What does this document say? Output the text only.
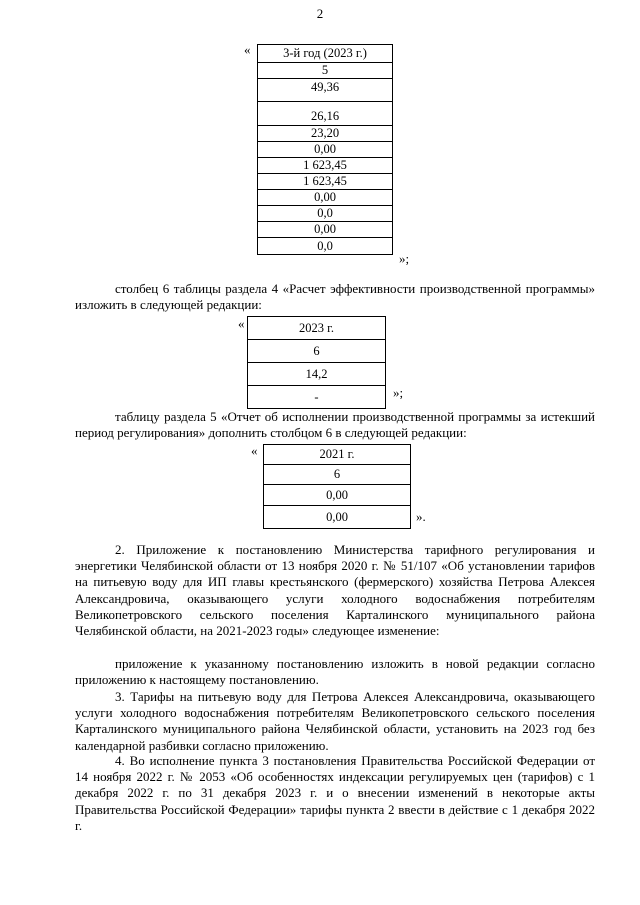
2
«	3-й год (2023 г.)
5
49,36
26,16
23,20
0,00
1 623,45
1 623,45
0,00
0,0
0,00
0,0
»;

столбец 6 таблицы раздела 4 «Расчет эффективности производственной программы» изложить в следующей редакции:

«	2023 г.
6
14,2
-	»;

таблицу раздела 5 «Отчет об исполнении производственной программы за истекший период регулирования» дополнить столбцом 6 в следующей редакции:

«	2021 г.
6
0,00
0,00	».

2. Приложение к постановлению Министерства тарифного регулирования и энергетики Челябинской области от 13 ноября 2020 г. № 51/107 «Об установлении тарифов на питьевую воду для ИП главы крестьянского (фермерского) хозяйства Петрова Алексея Александровича, оказывающего услуги холодного водоснабжения потребителям Великопетровского сельского поселения Карталинского муниципального района Челябинской области, на 2021-2023 годы» следующее изменение:

приложение к указанному постановлению изложить в новой редакции согласно приложению к настоящему постановлению.

3. Тарифы на питьевую воду для Петрова Алексея Александровича, оказывающего услуги холодного водоснабжения потребителям Великопетровского сельского поселения Карталинского муниципального района Челябинской области, установить на 2023 год без календарной разбивки согласно приложению.

4. Во исполнение пункта 3 постановления Правительства Российской Федерации от 14 ноября 2022 г. № 2053 «Об особенностях индексации регулируемых цен (тарифов) с 1 декабря 2022 г. по 31 декабря 2023 г. и о внесении изменений в некоторые акты Правительства Российской Федерации» тарифы пункта 2 ввести в действие с 1 декабря 2022 г.
